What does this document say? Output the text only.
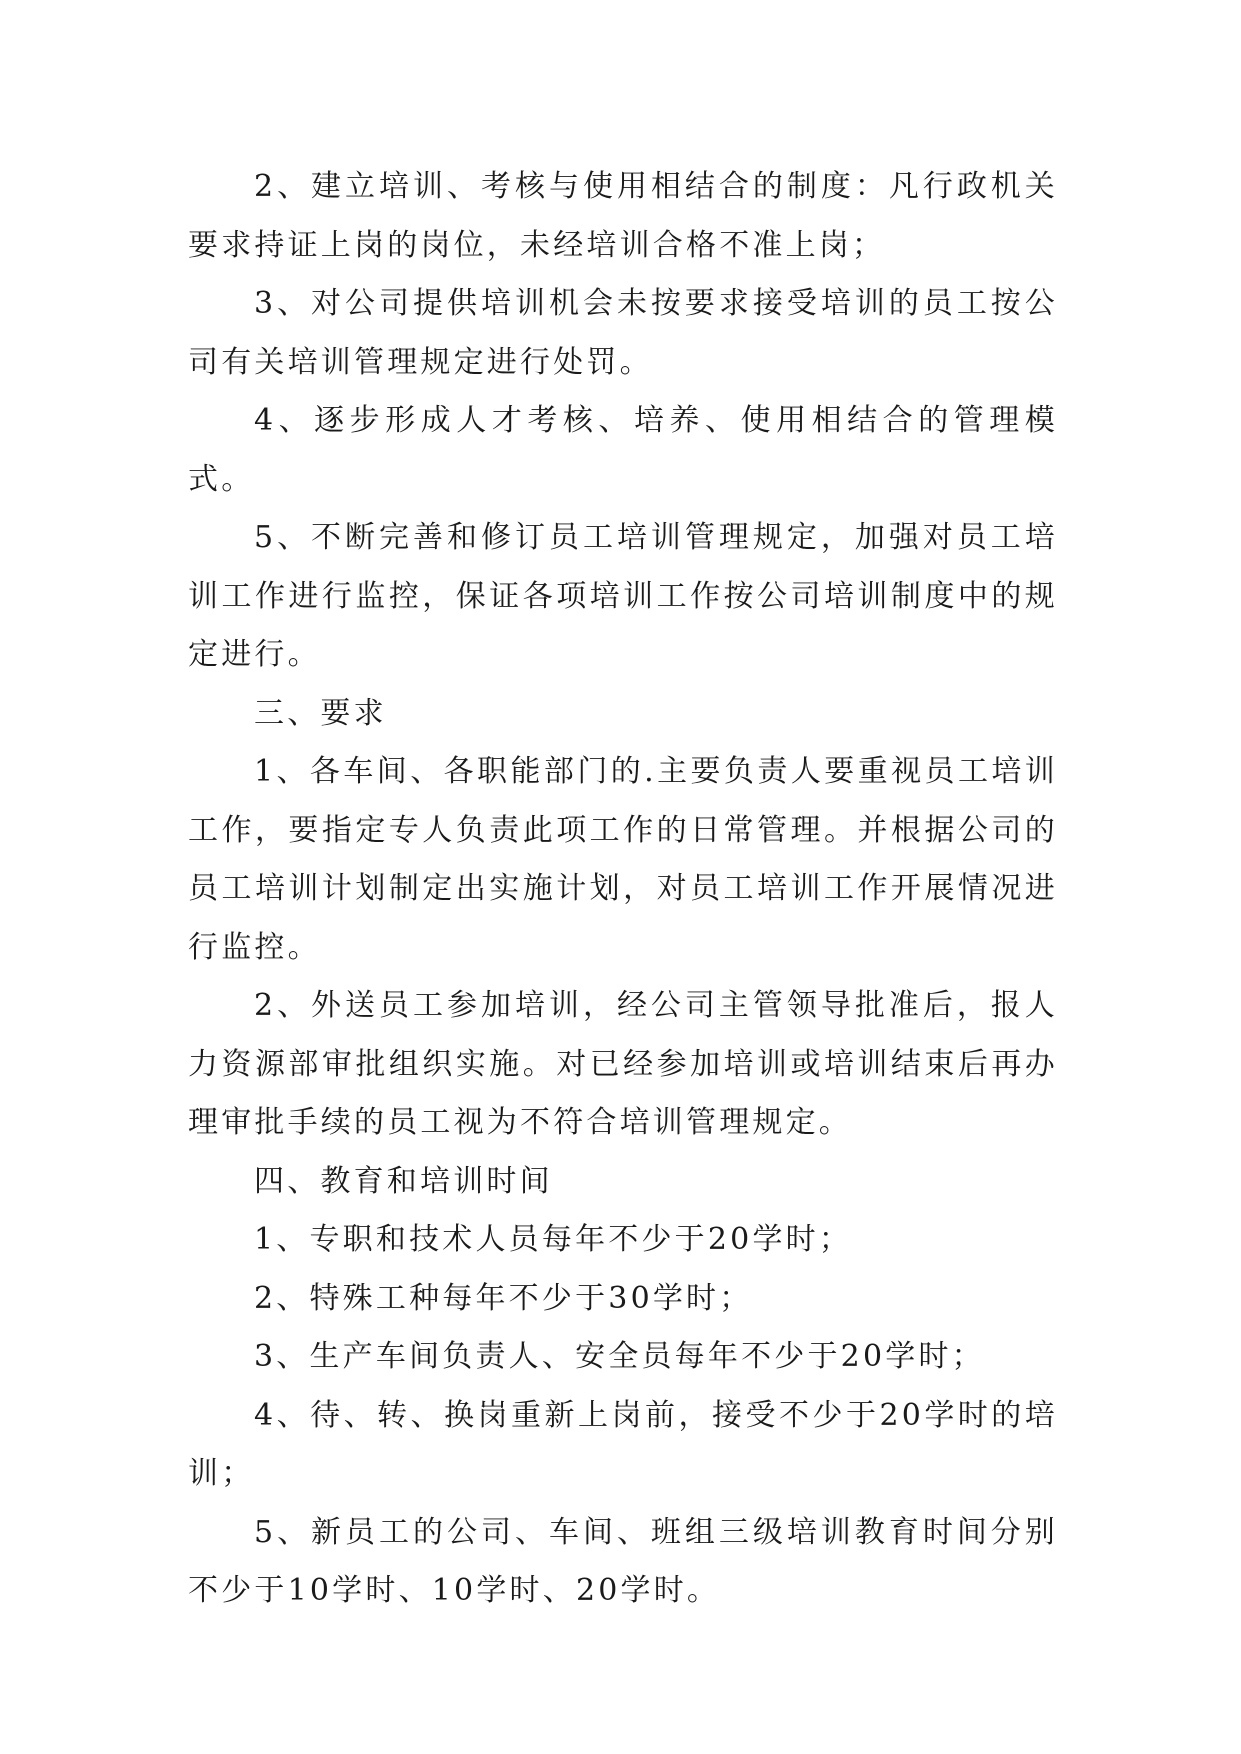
2、建立培训、考核与使用相结合的制度：凡行政机关要求持证上岗的岗位，未经培训合格不准上岗；

3、对公司提供培训机会未按要求接受培训的员工按公司有关培训管理规定进行处罚。

4、逐步形成人才考核、培养、使用相结合的管理模式。

5、不断完善和修订员工培训管理规定，加强对员工培训工作进行监控，保证各项培训工作按公司培训制度中的规定进行。

三、要求

1、各车间、各职能部门的.主要负责人要重视员工培训工作，要指定专人负责此项工作的日常管理。并根据公司的员工培训计划制定出实施计划，对员工培训工作开展情况进行监控。

2、外送员工参加培训，经公司主管领导批准后，报人力资源部审批组织实施。对已经参加培训或培训结束后再办理审批手续的员工视为不符合培训管理规定。

四、教育和培训时间

1、专职和技术人员每年不少于20学时；

2、特殊工种每年不少于30学时；

3、生产车间负责人、安全员每年不少于20学时；

4、待、转、换岗重新上岗前，接受不少于20学时的培训；

5、新员工的公司、车间、班组三级培训教育时间分别不少于10学时、10学时、20学时。
